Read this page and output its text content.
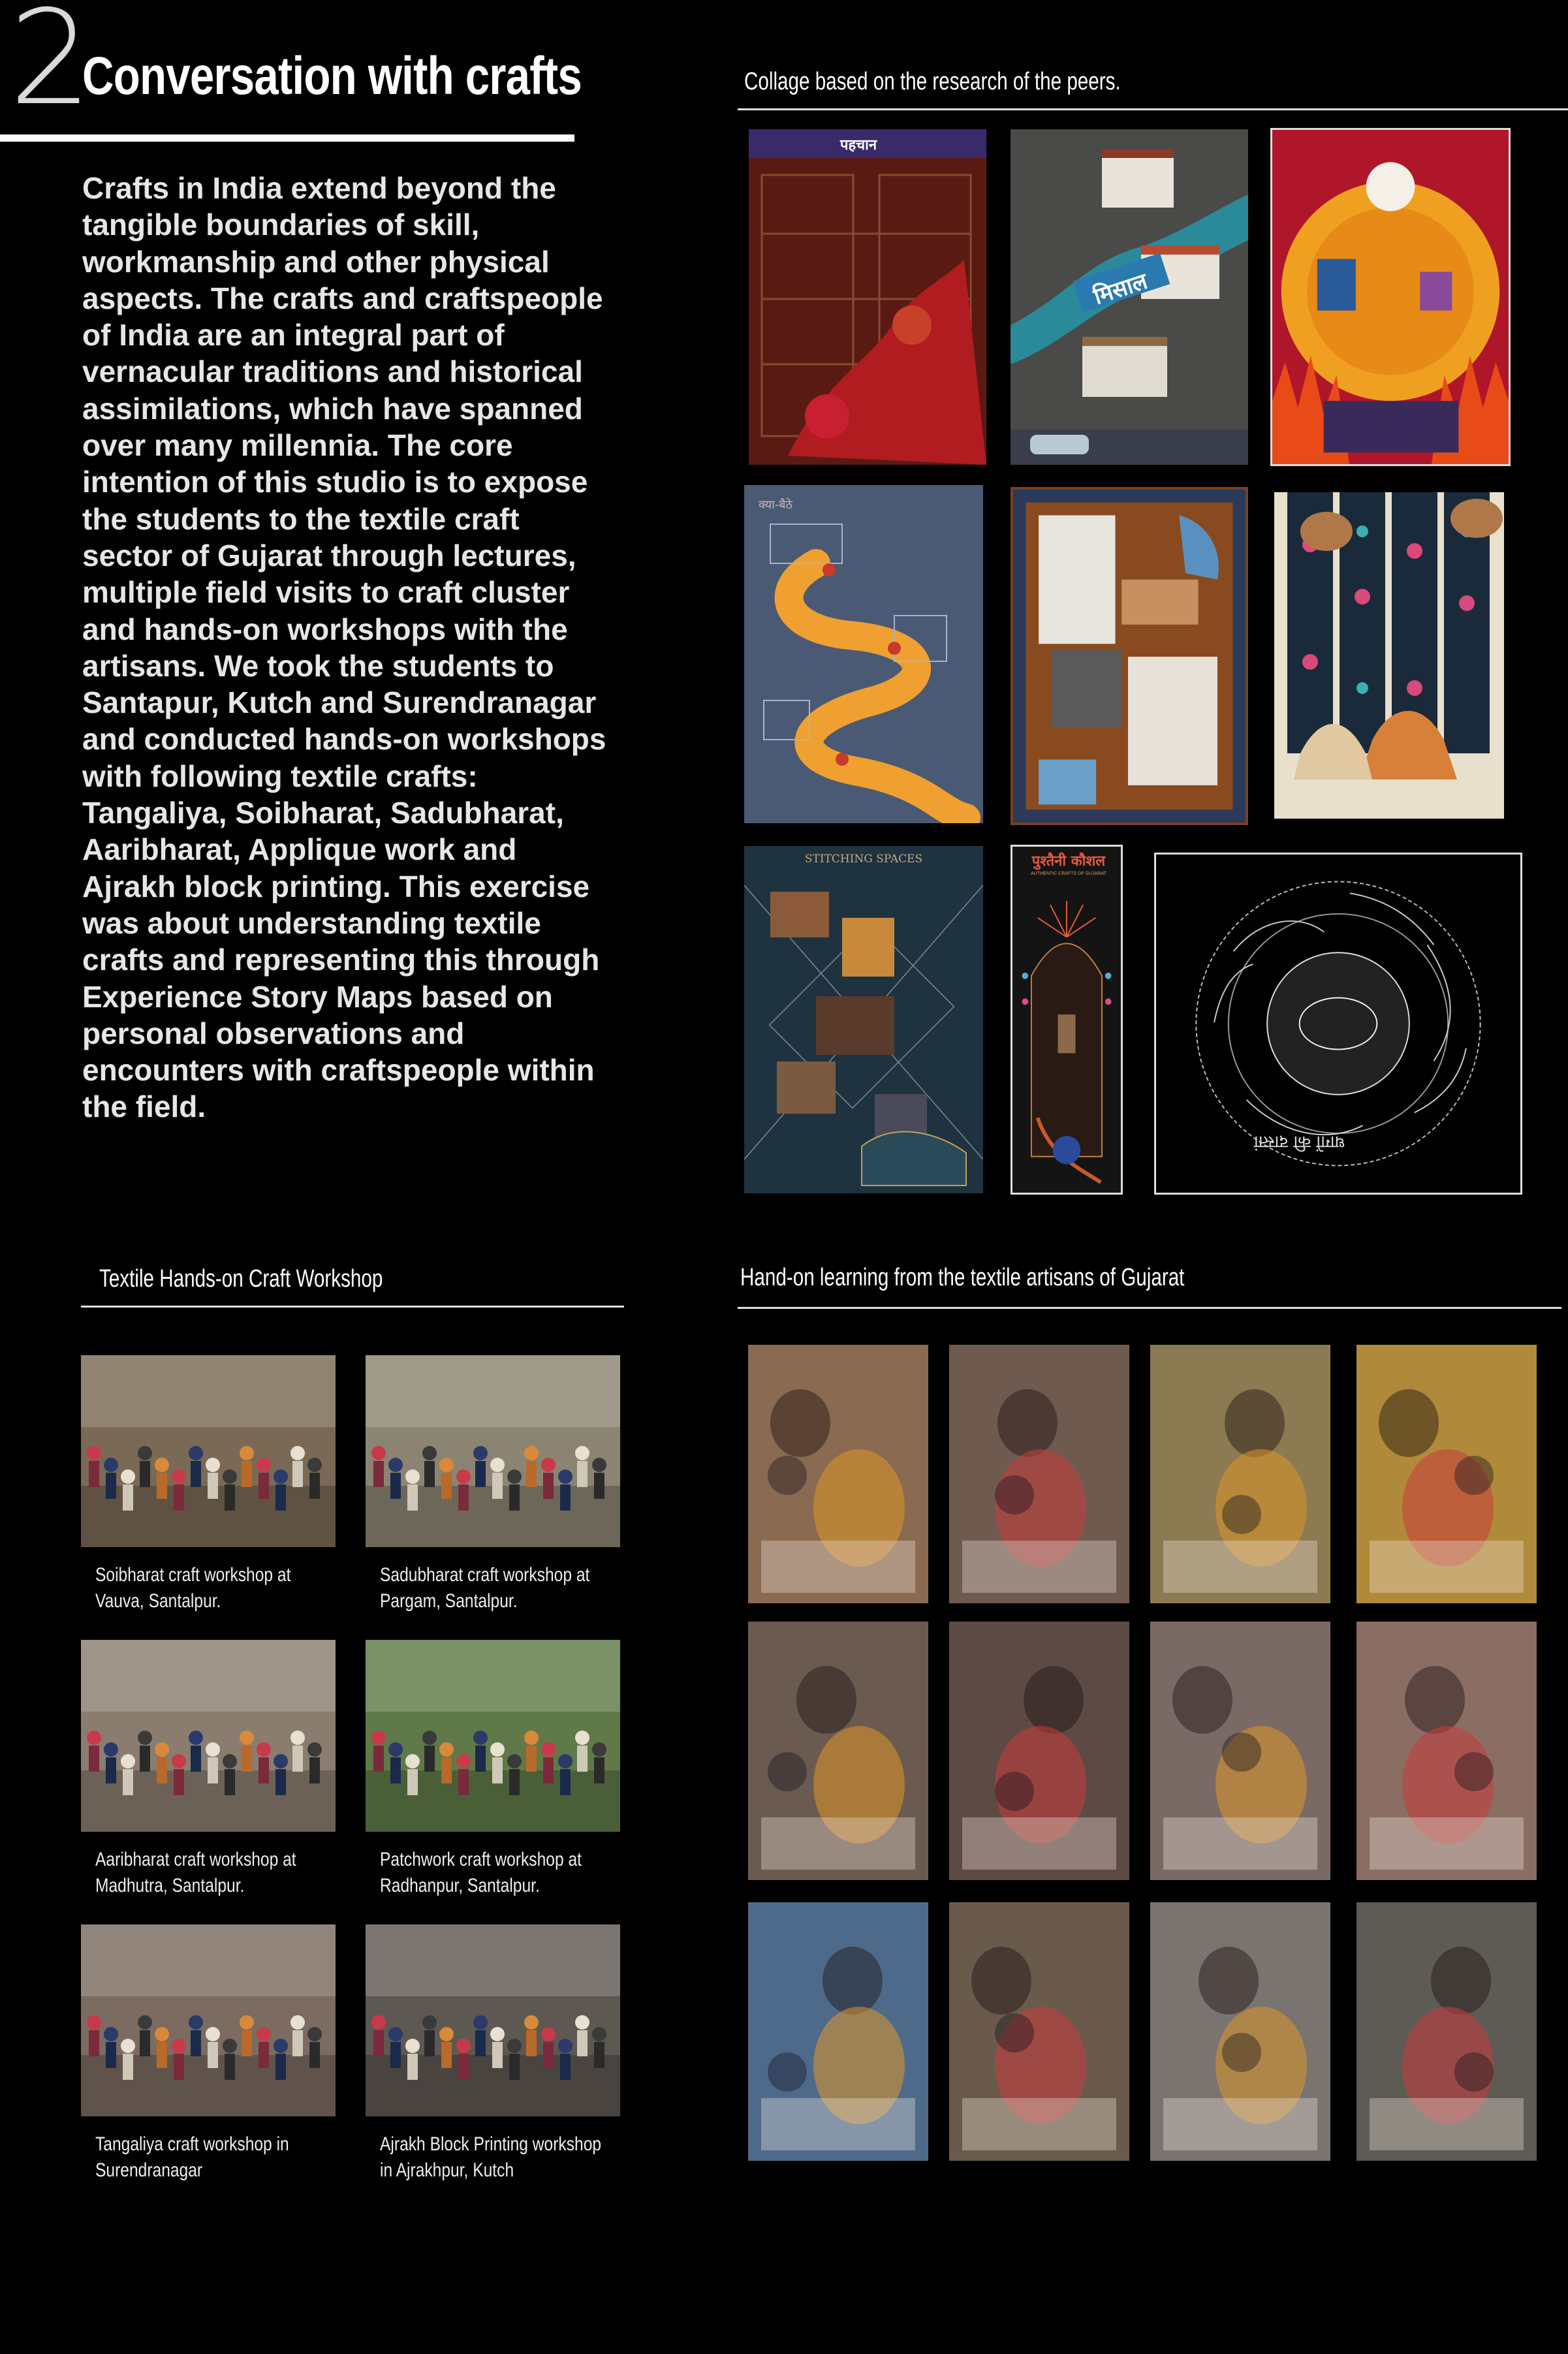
2
Conversation with crafts

Crafts in India extend beyond the tangible boundaries of skill, workmanship and other physical aspects. The crafts and craftspeople of India are an integral part of vernacular traditions and historical assimilations, which have spanned over many millennia. The core intention of this studio is to expose the students to the textile craft sector of Gujarat through lectures, multiple field visits to craft cluster and hands-on workshops with the artisans. We took the students to Santapur, Kutch and Surendranagar and conducted hands-on workshops with following textile crafts: Tangaliya, Soibharat, Sadubharat, Aaribharat, Applique work and Ajrakh block printing. This exercise was about understanding textile crafts and representing this through Experience Story Maps based on personal observations and encounters with craftspeople within the field.

Collage based on the research of the peers.
पहचान
मिसाल
क्या-बैठे
STITCHING SPACES	पुश्तैनी कौशल
AUTHENTIC CRAFTS OF GUJARAT
धागों की दास्तां
Textile Hands-on Craft Workshop
Soibharat craft workshop at
Vauva, Santalpur.
Sadubharat craft workshop at
Pargam, Santalpur.
Aaribharat craft workshop at
Madhutra, Santalpur.
Patchwork craft workshop at
Radhanpur, Santalpur.
Tangaliya craft workshop in
Surendranagar
Ajrakh Block Printing workshop
in Ajrakhpur, Kutch
Hand-on learning from the textile artisans of Gujarat
